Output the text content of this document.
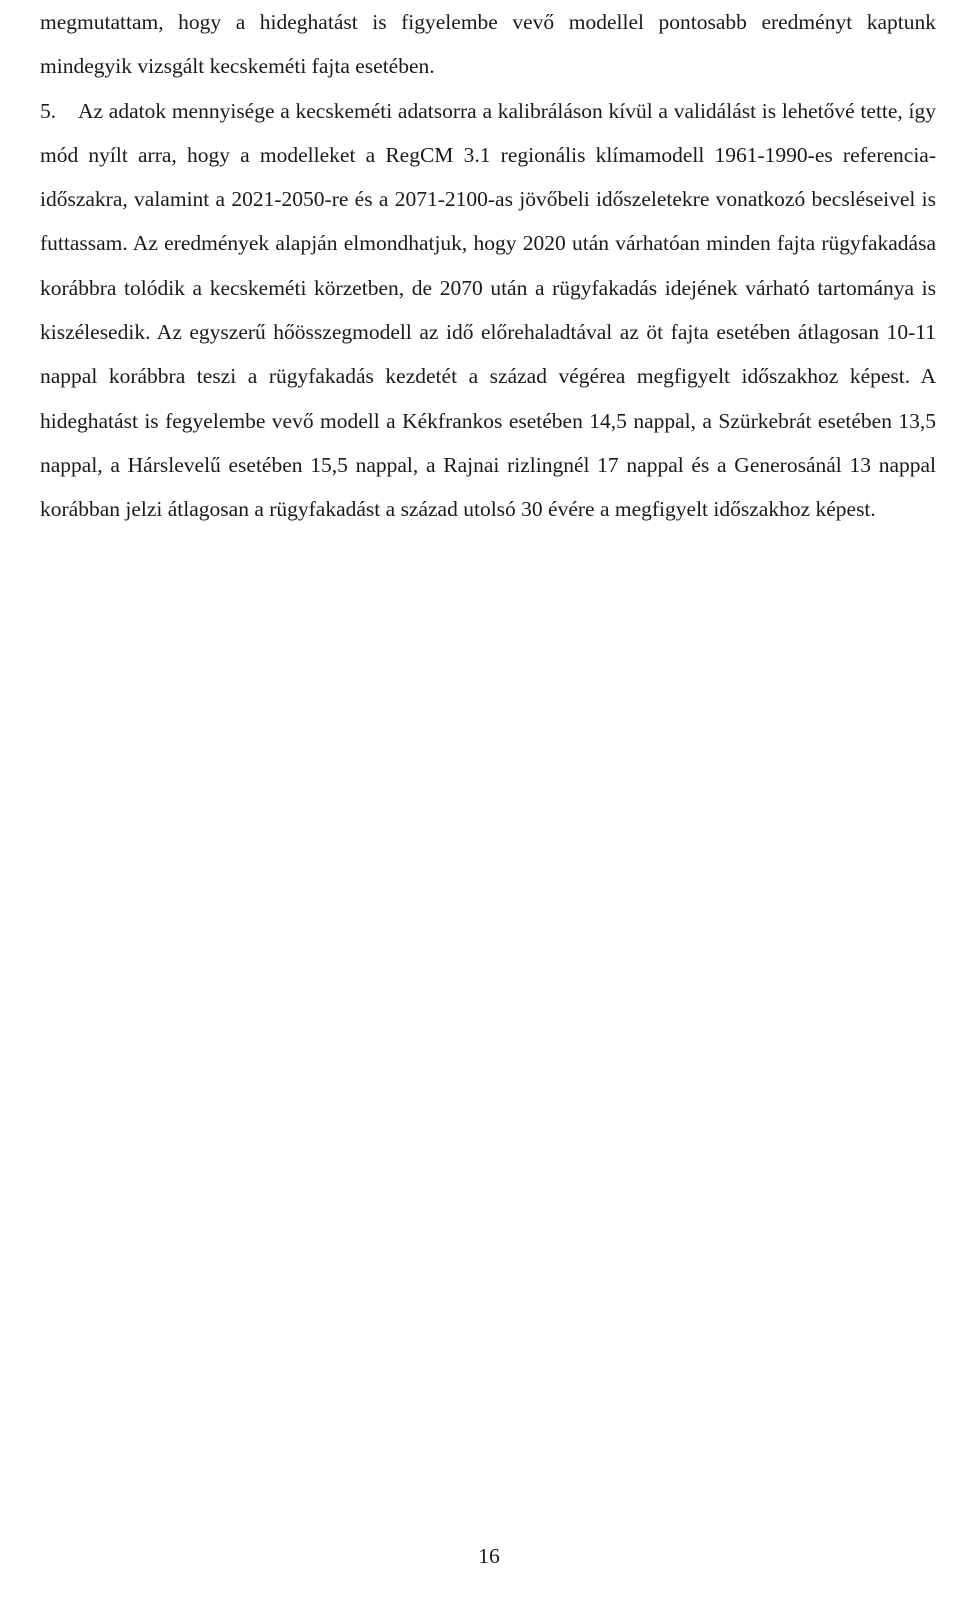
megmutattam, hogy a hideghatást is figyelembe vevő modellel pontosabb eredményt kaptunk mindegyik vizsgált kecskeméti fajta esetében.

5.	Az adatok mennyisége a kecskeméti adatsorra a kalibráláson kívül a validálást is lehetővé tette, így mód nyílt arra, hogy a modelleket a RegCM 3.1 regionális klímamodell 1961-1990-es referencia-időszakra, valamint a 2021-2050-re és a 2071-2100-as jövőbeli időszeletekre vonatkozó becsléseivel is futtassam. Az eredmények alapján elmondhatjuk, hogy 2020 után várhatóan minden fajta rügyfakadása korábbra tolódik a kecskeméti körzetben, de 2070 után a rügyfakadás idejének várható tartománya is kiszélesedik. Az egyszerű hőösszegmodell az idő előrehaladtával az öt fajta esetében átlagosan 10-11 nappal korábbra teszi a rügyfakadás kezdetét a század végérea megfigyelt időszakhoz képest. A hideghatást is fegyelembe vevő modell a Kékfrankos esetében 14,5 nappal, a Szürkebrát esetében 13,5 nappal, a Hárslevelű esetében 15,5 nappal, a Rajnai rizlingnél 17 nappal és a Generosánál 13 nappal korábban jelzi átlagosan a rügyfakadást a század utolsó 30 évére a megfigyelt időszakhoz képest.
16
